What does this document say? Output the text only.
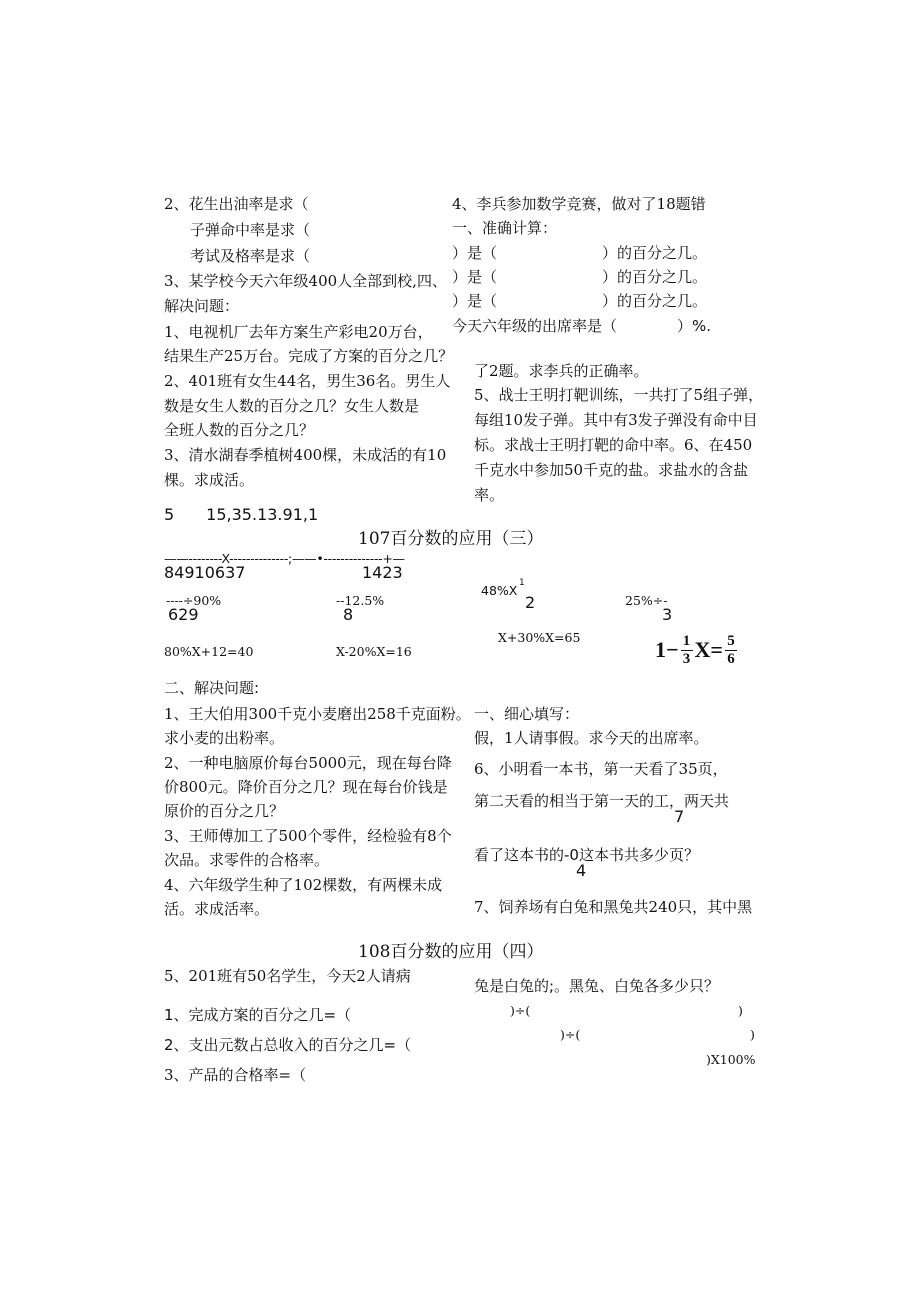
2、花生出油率是求（
子弹命中率是求（
考试及格率是求（
3、某学校今天六年级400人全部到校,四、
解决问题：
1、电视机厂去年方案生产彩电20万台，
结果生产25万台。完成了方案的百分之几？
2、401班有女生44名，男生36名。男生人
数是女生人数的百分之几？女生人数是
全班人数的百分之几？
3、清水湖春季植树400棵，未成活的有10
棵。求成活。
4、李兵参加数学竞赛，做对了18题错
一、准确计算：
）是（　　　　　　　）的百分之几。
）是（　　　　　　　）的百分之几。
）是（　　　　　　　）的百分之几。
今天六年级的出席率是（　　　　）%.
了2题。求李兵的正确率。
5、战士王明打靶训练，一共打了5组子弹，
每组10发子弹。其中有3发子弹没有命中目
标。求战士王明打靶的命中率。6、在450
千克水中参加50千克的盐。求盐水的含盐
率。
5　　15,35.13.91,1
107百分数的应用（三）
——--------X--------------;——•--------------+—
84910637	1423
----÷90%
629
--12.5%
8
48%X 1
2	25%÷-
3
X+30%X=65
80%X+12=40	X-20%X=16	1− 1
3 X= 5
6
二、解决问题:
1、王大伯用300千克小麦磨出258千克面粉。
求小麦的出粉率。
2、一种电脑原价每台5000元，现在每台降
价800元。降价百分之几？现在每台价钱是
原价的百分之几？
3、王师傅加工了500个零件，经检验有8个
次品。求零件的合格率。
4、六年级学生种了102棵数，有两棵未成
活。求成活率。
一、细心填写：
假，1人请事假。求今天的出席率。
6、小明看一本书，第一天看了35页，
第二天看的相当于第一天的工，两天共
7
看了这本书的-0这本书共多少页？
4
7、饲养场有白兔和黑兔共240只，其中黑
108百分数的应用（四）
5、201班有50名学生，今天2人请病
1、完成方案的百分之几=（
2、支出元数占总收入的百分之几=（
3、产品的合格率=（
兔是白兔的;。黑兔、白兔各多少只？
)÷(	)
)÷(	)
)X100%
